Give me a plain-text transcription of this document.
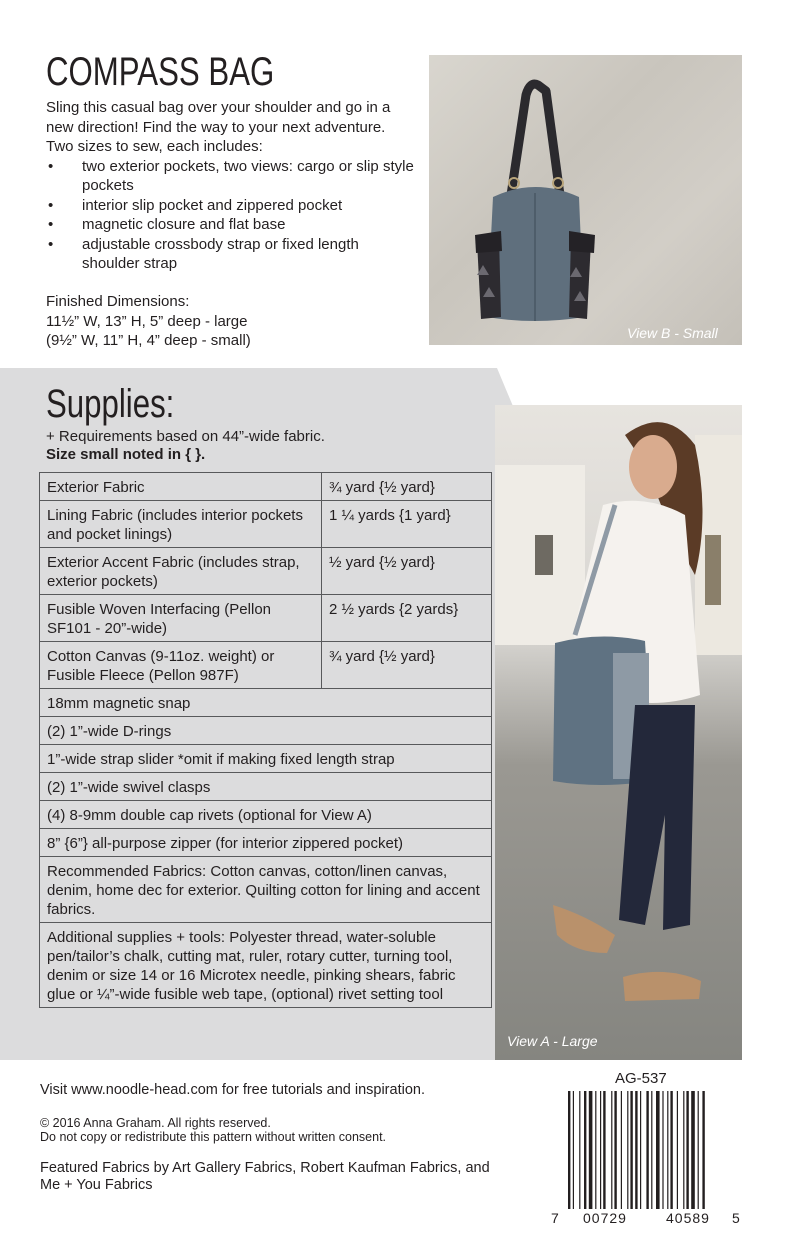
COMPASS BAG

Sling this casual bag over your shoulder and go in a new direction! Find the way to your next adventure. Two sizes to sew, each includes:

• two exterior pockets, two views: cargo or slip style pockets
• interior slip pocket and zippered pocket
• magnetic closure and flat base
• adjustable crossbody strap or fixed length shoulder strap
Finished Dimensions:
11½” W, 13” H, 5” deep - large
(9½” W, 11” H, 4” deep - small)	View B - Small
Supplies:
+ Requirements based on 44”-wide fabric.
Size small noted in { }.
Exterior Fabric	¾ yard {½ yard}
Lining Fabric (includes interior pockets and pocket linings)	1 ¼ yards {1 yard}
Exterior Accent Fabric (includes strap, exterior pockets)	½ yard {½ yard}
Fusible Woven Interfacing (Pellon SF101 - 20”-wide)	2 ½ yards {2 yards}
Cotton Canvas (9-11oz. weight) or Fusible Fleece (Pellon 987F)	¾ yard {½ yard}
18mm magnetic snap	
(2) 1”-wide D-rings	
1”-wide strap slider *omit if making fixed length strap	
(2) 1”-wide swivel clasps	
(4) 8-9mm double cap rivets (optional for View A)	
8” {6”} all-purpose zipper (for interior zippered pocket)	
Recommended Fabrics: Cotton canvas, cotton/linen canvas, denim, home dec for exterior. Quilting cotton for lining and accent fabrics.	
Additional supplies + tools: Polyester thread, water-soluble pen/tailor’s chalk, cutting mat, ruler, rotary cutter, turning tool, denim or size 14 or 16 Microtex needle, pinking shears, fabric glue or ¼”-wide fusible web tape, (optional) rivet setting tool	
View A - Large
Visit www.noodle-head.com for free tutorials and inspiration.
© 2016 Anna Graham. All rights reserved.
Do not copy or redistribute this pattern without written consent.
Featured Fabrics by Art Gallery Fabrics, Robert Kaufman Fabrics, and Me + You Fabrics
AG-537
7 00729	40589 5
